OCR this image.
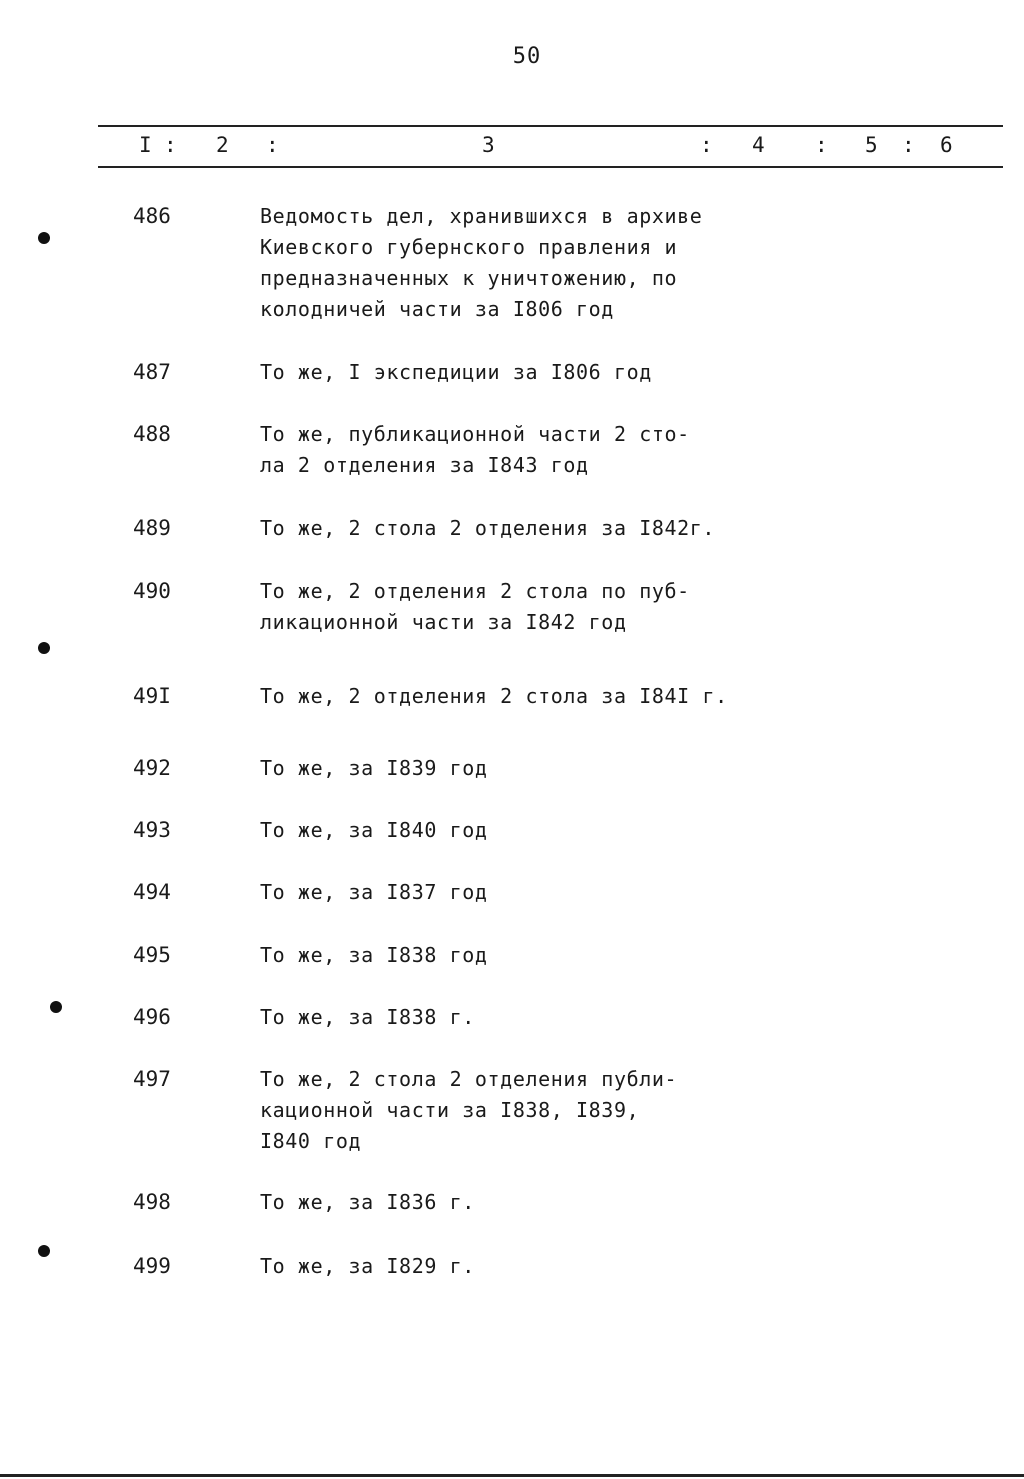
50
I : 2 :	3	: 4 : 5 : 6
486	Ведомость дел, хранившихся в архиве
Киевского губернского правления и
предназначенных к уничтожению, по
колодничей части за I806 год
487	То же, I экспедиции за I806 год
488	То же, публикационной части 2 сто-
ла 2 отделения за I843 год
489	То же, 2 стола 2 отделения за I842г.
490	То же, 2 отделения 2 стола по пуб-
ликационной части за I842 год
49I	То же, 2 отделения 2 стола за I84I г.
492	То же, за I839 год
493	То же, за I840 год
494	То же, за I837 год
495	То же, за I838 год
496	То же, за I838 г.
497	То же, 2 стола 2 отделения публи-
кационной части за I838, I839,
I840 год
498	То же, за I836 г.
499	То же, за I829 г.
